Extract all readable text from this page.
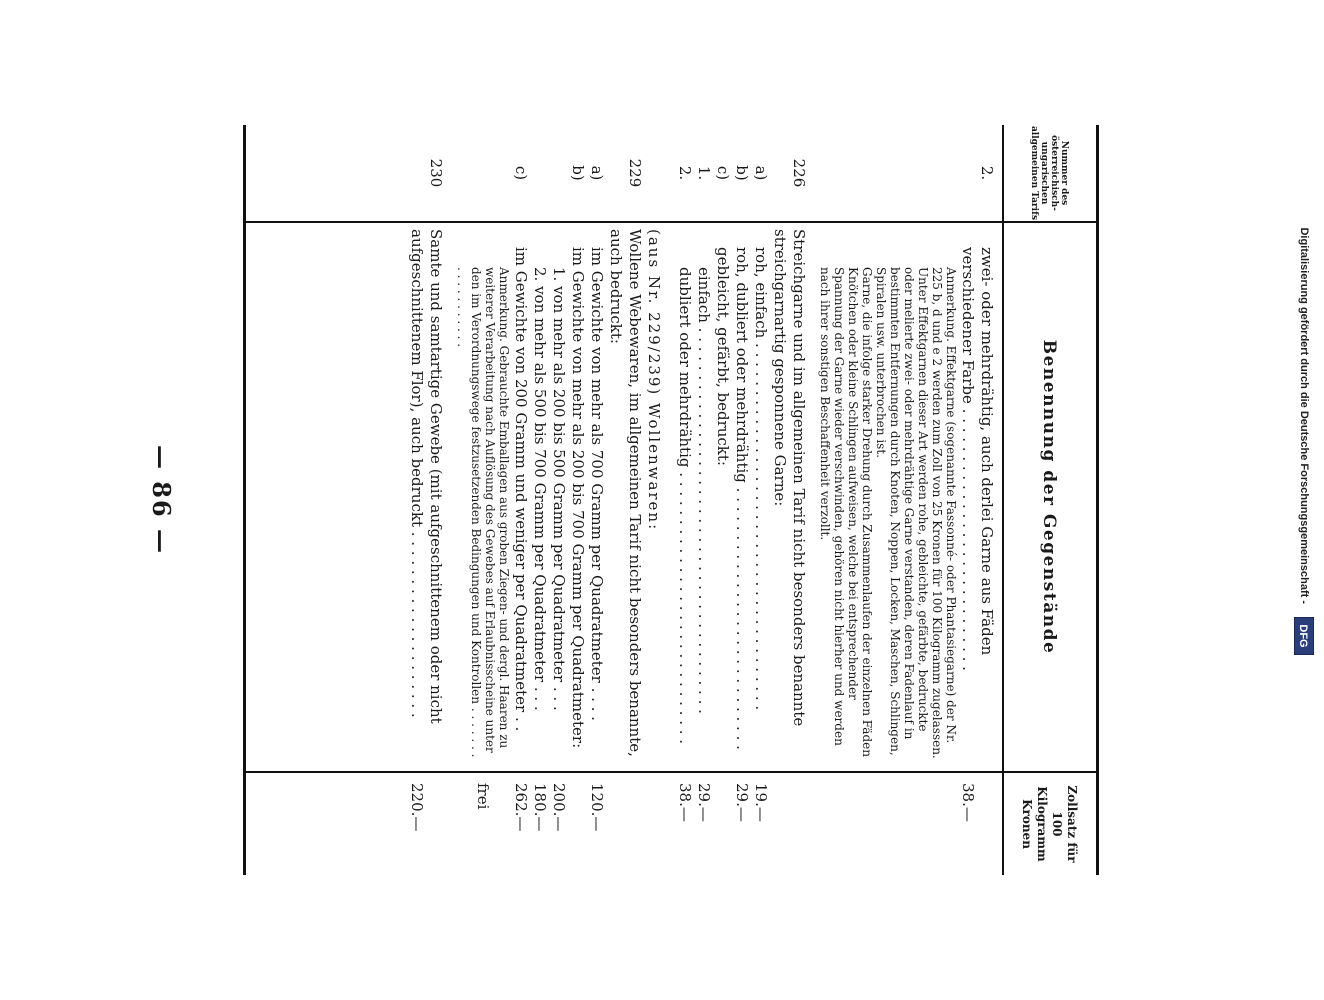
Digitalisierung gefördert durch die Deutsche Forschungsgemeinschaft -
DFG
— 86 —
Nummer des österreichisch-ungarischen allgemeinen Tarifs
Benennung der Gegenstände
Zollsatz für 100 Kilogramm Kronen
2.
zwei- oder mehrdrähtig, auch derlei Garne aus Fäden verschiedener Farbe . . . . . . . . . . . . . . . . . . . . . . . . . . . .
38.—
Anmerkung. Effektgarne (sogenannte Fassonné- oder Phantasiegarne) der Nr. 225 b, d und e 2 werden zum Zoll von 25 Kronen für 100 Kilogramm zugelassen.
Unter Effektgarnen dieser Art werden rohe, gebleichte, gefärbte, bedruckte oder melierte zwei- oder mehrdrähtige Garne verstanden, deren Fadenlauf in bestimmten Entfernungen durch Knoten, Noppen, Locken, Maschen, Schlingen, Spiralen usw. unterbrochen ist.
Garne, die infolge starker Drehung durch Zusammenlaufen der einzelnen Fäden Knötchen oder kleine Schlingen aufweisen, welche bei entsprechender Spannung der Garne wieder verschwinden, gehören nicht hierher und werden nach ihrer sonstigen Beschaffenheit verzollt.
226
Streichgarne und im allgemeinen Tarif nicht besonders benannte streichgarnartig gesponnene Garne:
a)
roh, einfach . . . . . . . . . . . . . . . . . . . . . . . . . . . . . . . . . . . . . . .
19.—
b)
roh, dubliert oder mehrdrähtig . . . . . . . . . . . . . . . . . . . . . . . . . . . .
29.—
c)
gebleicht, gefärbt, bedruckt:
1.
einfach . . . . . . . . . . . . . . . . . . . . . . . . . . . . . . . . . . . . . . . . .
29.—
2.
dubliert oder mehrdrähtig . . . . . . . . . . . . . . . . . . . . . . . . . . . . .
38.—
(aus Nr. 229/239) Wollenwaren:
229
Wollene Webewaren, im allgemeinen Tarif nicht besonders benannte, auch bedruckt:
a)
im Gewichte von mehr als 700 Gramm per Quadratmeter . . . .
120.—
b)
im Gewichte von mehr als 200 bis 700 Gramm per Quadratmeter:
1. von mehr als 200 bis 500 Gramm per Quadratmeter . . .
200.—
2. von mehr als 500 bis 700 Gramm per Quadratmeter . . .
180.—
c)
im Gewichte von 200 Gramm und weniger per Quadratmeter . .
262.—
Anmerkung. Gebrauchte Emballagen aus groben Ziegen- und dergl. Haaren zu weiterer Verarbeitung nach Auflösung des Gewebes auf Erlaubnisscheine unter den im Verordnungswege festzusetzenden Bedingungen und Kontrollen . . . . . . . . . . . . . . . . . .
frei
230
Samte und samtartige Gewebe (mit aufgeschnittenem oder nicht aufgeschnittenem Flor), auch bedruckt . . . . . . . . . . . . . . . . . . . .
220.—
